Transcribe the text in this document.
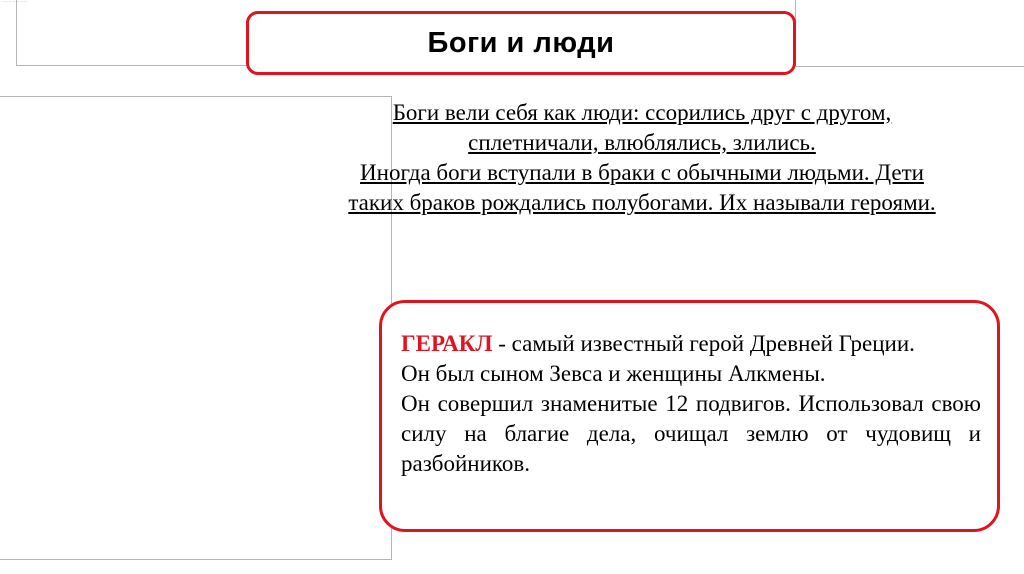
···················
Боги и люди

Боги вели себя как люди: ссорились друг с другом,

сплетничали, влюблялись, злились.

Иногда боги вступали в браки с обычными людьми. Дети

таких браков рождались полубогами. Их называли героями.

ГЕРАКЛ - самый известный герой Древней Греции.

Он был сыном Зевса и женщины Алкмены.

Он совершил знаменитые 12 подвигов. Использовал свою силу на благие дела, очищал землю от чудовищ и разбойников.
